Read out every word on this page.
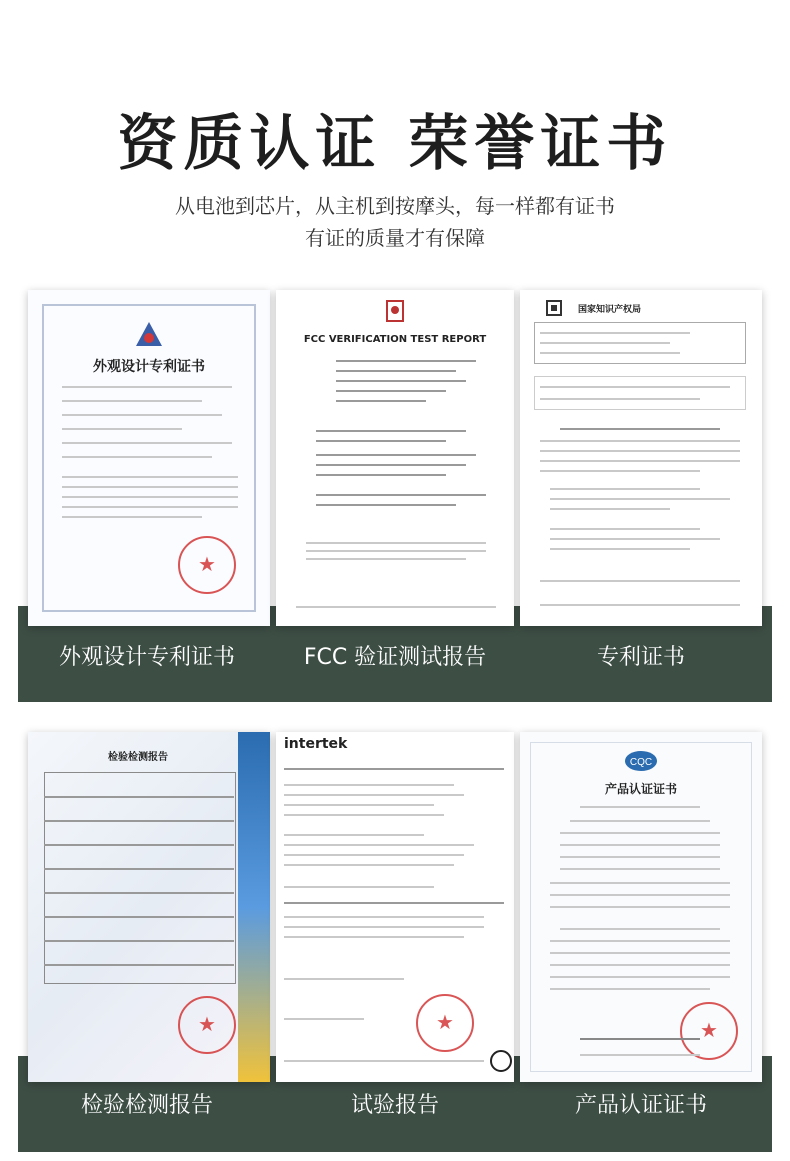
资质认证 荣誉证书
从电池到芯片，从主机到按摩头，每一样都有证书
有证的质量才有保障
外观设计专利证书
★
外观设计专利证书
FCC VERIFICATION TEST REPORT
FCC 验证测试报告
国家知识产权局
专利证书
检验检测报告
★
检验检测报告
intertek
★
试验报告
CQC
产品认证证书
★
产品认证证书
